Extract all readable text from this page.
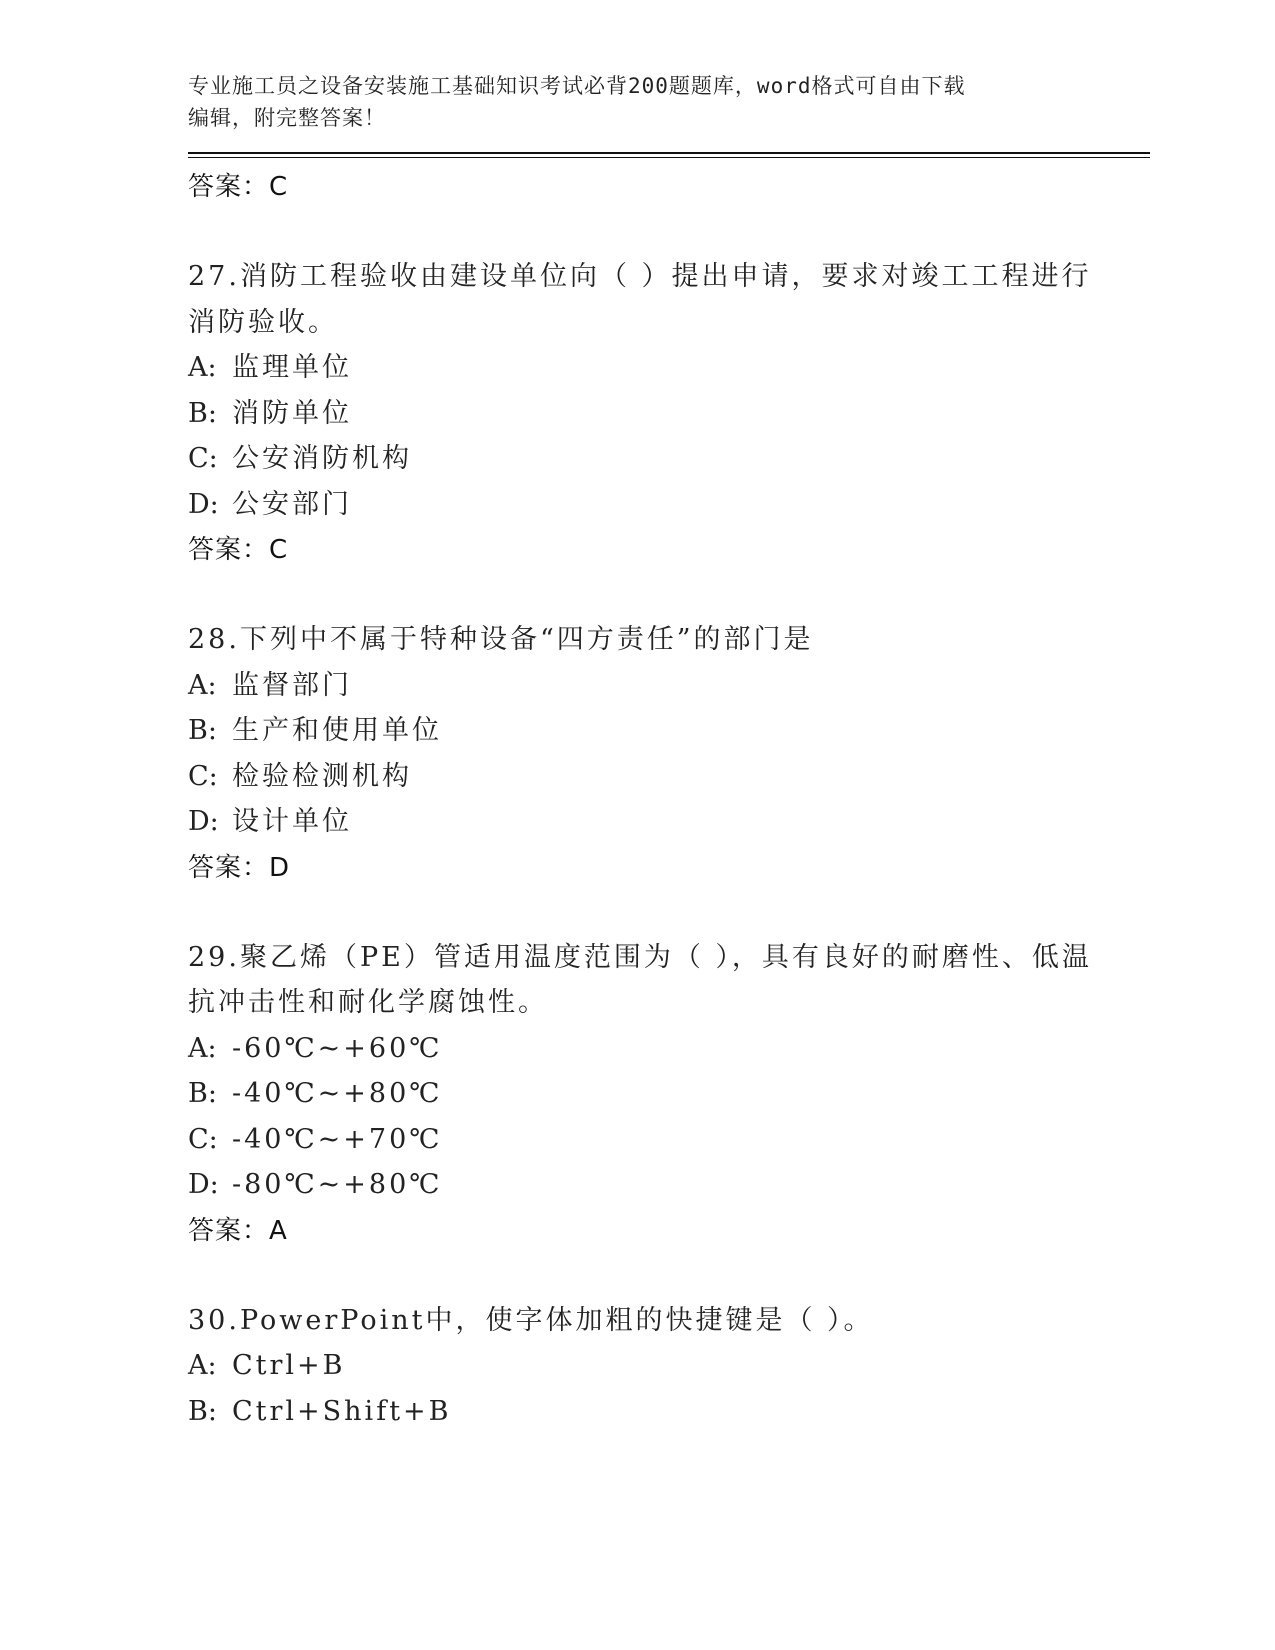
专业施工员之设备安装施工基础知识考试必背200题题库，word格式可自由下载
编辑，附完整答案！
答案：C
27.消防工程验收由建设单位向（ ）提出申请，要求对竣工工程进行
消防验收。
A: 监理单位
B: 消防单位
C: 公安消防机构
D: 公安部门
答案：C
28.下列中不属于特种设备“四方责任”的部门是
A: 监督部门
B: 生产和使用单位
C: 检验检测机构
D: 设计单位
答案：D
29.聚乙烯（PE）管适用温度范围为（ ），具有良好的耐磨性、低温
抗冲击性和耐化学腐蚀性。
A: -60℃~+60℃
B: -40℃~+80℃
C: -40℃~+70℃
D: -80℃~+80℃
答案：A
30.PowerPoint中，使字体加粗的快捷键是（ ）。
A: Ctrl+B
B: Ctrl+Shift+B
